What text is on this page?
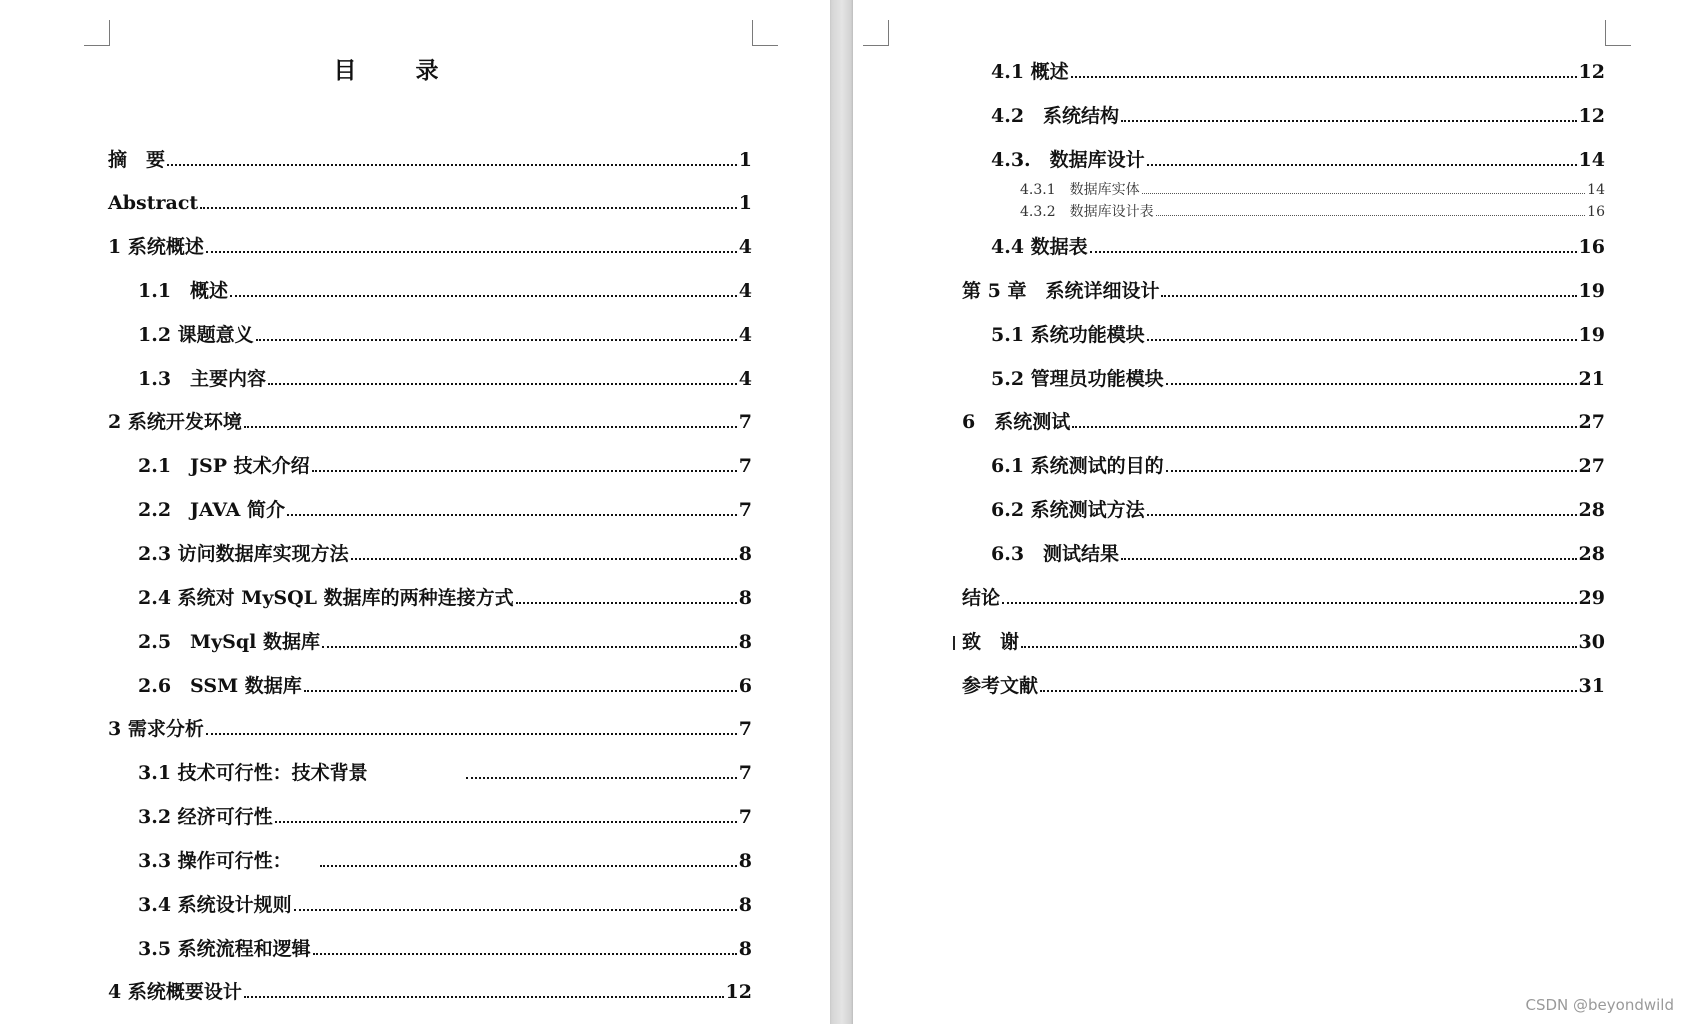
目　录
摘　要	1
Abstract	1
1 系统概述	4
1.1　概述	4
1.2 课题意义	4
1.3　主要内容	4
2 系统开发环境	7
2.1　JSP 技术介绍	7
2.2　JAVA 简介	7
2.3 访问数据库实现方法	8
2.4 系统对 MySQL 数据库的两种连接方式	8
2.5　MySql 数据库	8
2.6　SSM 数据库	6
3 需求分析	7
3.1 技术可行性：技术背景	7
3.2 经济可行性	7
3.3 操作可行性：	8
3.4 系统设计规则	8
3.5 系统流程和逻辑	8
4 系统概要设计	12
4.1 概述	12
4.2　系统结构	12
4.3.　数据库设计	14
4.3.1　数据库实体	14
4.3.2　数据库设计表	16
4.4 数据表	16
第 5 章　系统详细设计	19
5.1 系统功能模块	19
5.2 管理员功能模块	21
6　系统测试	27
6.1 系统测试的目的	27
6.2 系统测试方法	28
6.3　测试结果	28
结论	29
致　谢	30
参考文献	31
CSDN @beyondwild
